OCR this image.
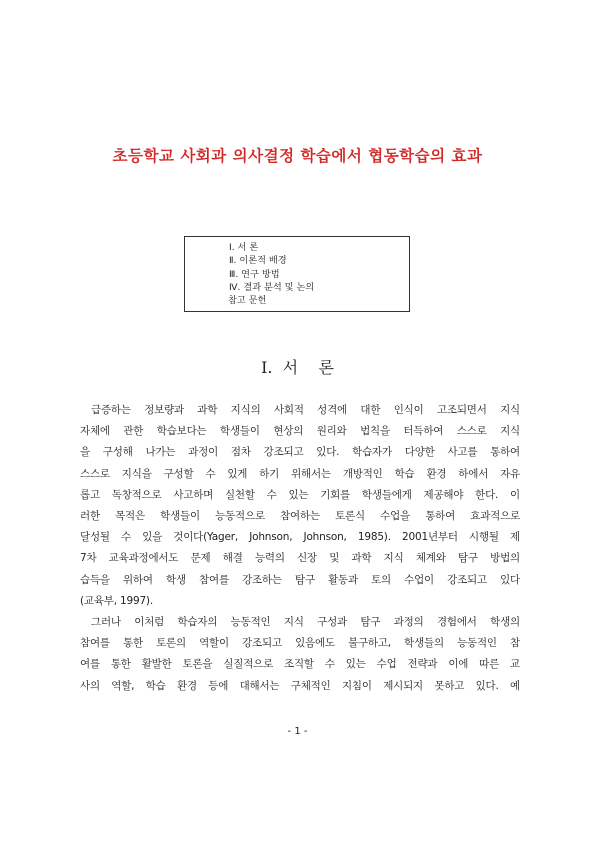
초등학교 사회과 의사결정 학습에서 협동학습의 효과
Ⅰ. 서 론
Ⅱ. 이론적 배경
Ⅲ. 연구 방법
Ⅳ. 결과 분석 및 논의
참고 문헌
Ⅰ.  서    론
급증하는 정보량과 과학 지식의 사회적 성격에 대한 인식이 고조되면서 지식
자체에 관한 학습보다는 학생들이 현상의 원리와 법칙을 터득하여 스스로 지식
을 구성해 나가는 과정이 점차 강조되고 있다. 학습자가 다양한 사고를 통하여
스스로 지식을 구성할 수 있게 하기 위해서는 개방적인 학습 환경 하에서 자유
롭고 독창적으로 사고하며 실천할 수 있는 기회를 학생들에게 제공해야 한다. 이
러한 목적은 학생들이 능동적으로 참여하는 토론식 수업을 통하여 효과적으로
달성될 수 있을 것이다(Yager, Johnson, Johnson, 1985). 2001년부터 시행될 제
7차 교육과정에서도 문제 해결 능력의 신장 및 과학 지식 체계와 탐구 방법의
습득을 위하여 학생 참여를 강조하는 탐구 활동과 토의 수업이 강조되고 있다
(교육부, 1997).
그러나 이처럼 학습자의 능동적인 지식 구성과 탐구 과정의 경험에서 학생의
참여를 통한 토론의 역할이 강조되고 있음에도 불구하고, 학생들의 능동적인 참
여를 통한 활발한 토론을 실질적으로 조직할 수 있는 수업 전략과 이에 따른 교
사의 역할, 학습 환경 등에 대해서는 구체적인 지침이 제시되지 못하고 있다. 예
- 1 -
